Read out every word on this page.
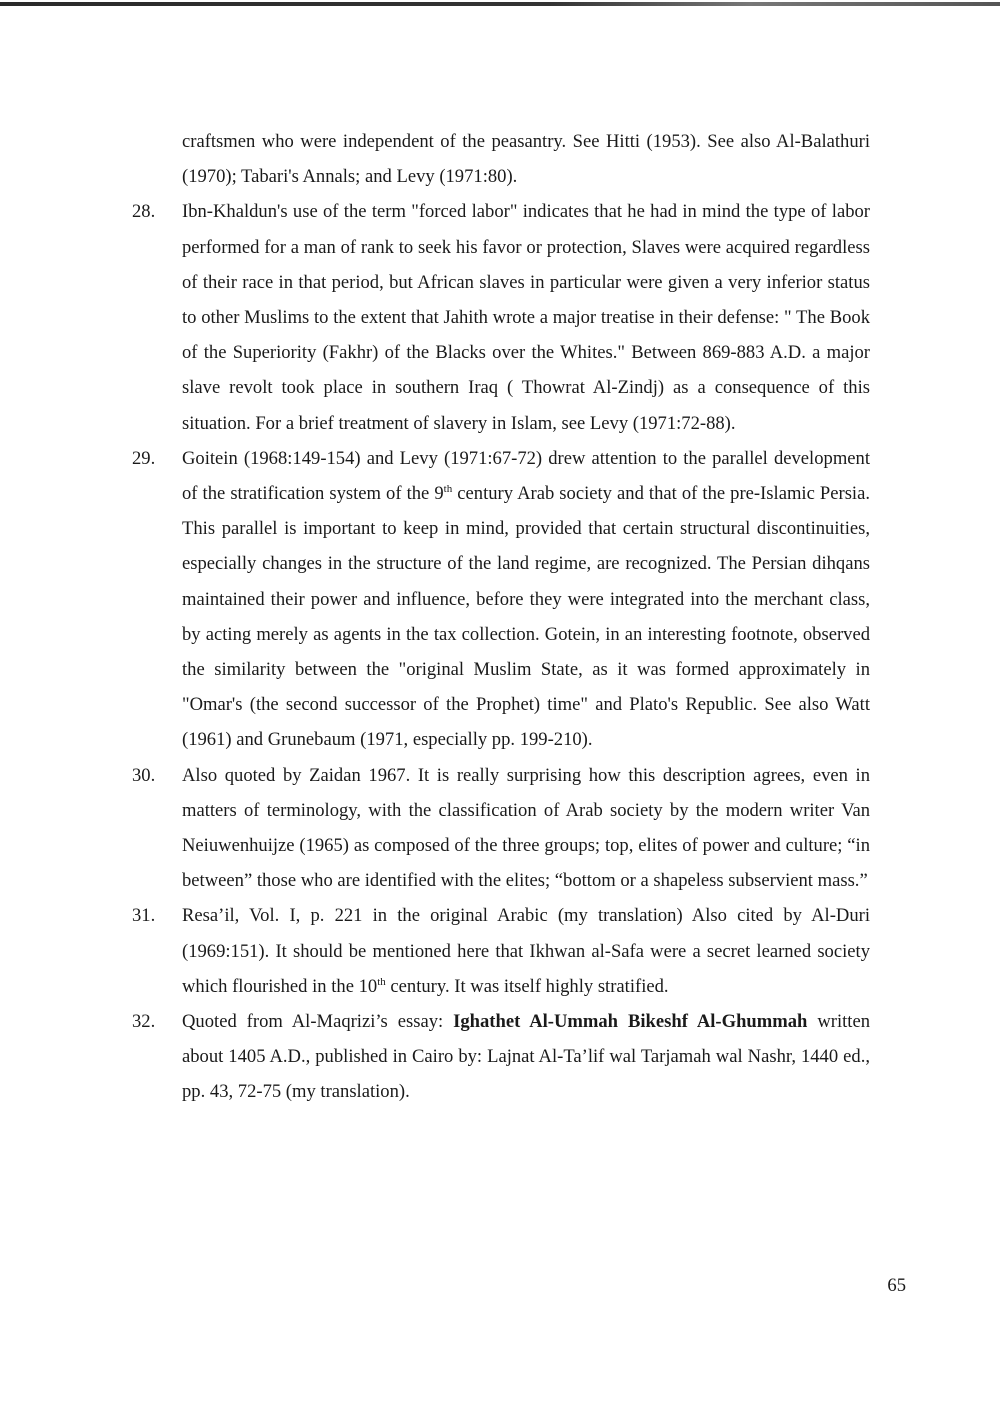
craftsmen who were independent of the peasantry. See Hitti (1953). See also Al-Balathuri (1970); Tabari's Annals; and Levy (1971:80).
28.	Ibn-Khaldun's use of the term "forced labor" indicates that he had in mind the type of labor performed for a man of rank to seek his favor or protection, Slaves were acquired regardless of their race in that period, but African slaves in particular were given a very inferior status to other Muslims to the extent that Jahith wrote a major treatise in their defense: " The Book of the Superiority (Fakhr) of the Blacks over the Whites." Between 869-883 A.D. a major slave revolt took place in southern Iraq ( Thowrat Al-Zindj) as a consequence of this situation. For a brief treatment of slavery in Islam, see Levy (1971:72-88).
29.	Goitein (1968:149-154) and Levy (1971:67-72) drew attention to the parallel development of the stratification system of the 9th century Arab society and that of the pre-Islamic Persia. This parallel is important to keep in mind, provided that certain structural discontinuities, especially changes in the structure of the land regime, are recognized. The Persian dihqans maintained their power and influence, before they were integrated into the merchant class, by acting merely as agents in the tax collection. Gotein, in an interesting footnote, observed the similarity between the "original Muslim State, as it was formed approximately in "Omar's (the second successor of the Prophet) time" and Plato's Republic. See also Watt (1961) and Grunebaum (1971, especially pp. 199-210).
30.	Also quoted by Zaidan 1967. It is really surprising how this description agrees, even in matters of terminology, with the classification of Arab society by the modern writer Van Neiuwenhuijze (1965) as composed of the three groups; top, elites of power and culture; “in between” those who are identified with the elites; “bottom or a shapeless subservient mass.”
31.	Resa’il, Vol. I, p. 221 in the original Arabic (my translation) Also cited by Al-Duri (1969:151). It should be mentioned here that Ikhwan al-Safa were a secret learned society which flourished in the 10th century. It was itself highly stratified.
32.	Quoted from Al-Maqrizi’s essay: Ighathet Al-Ummah Bikeshf Al-Ghummah written about 1405 A.D., published in Cairo by: Lajnat Al-Ta’lif wal Tarjamah wal Nashr, 1440 ed., pp. 43, 72-75 (my translation).
65
